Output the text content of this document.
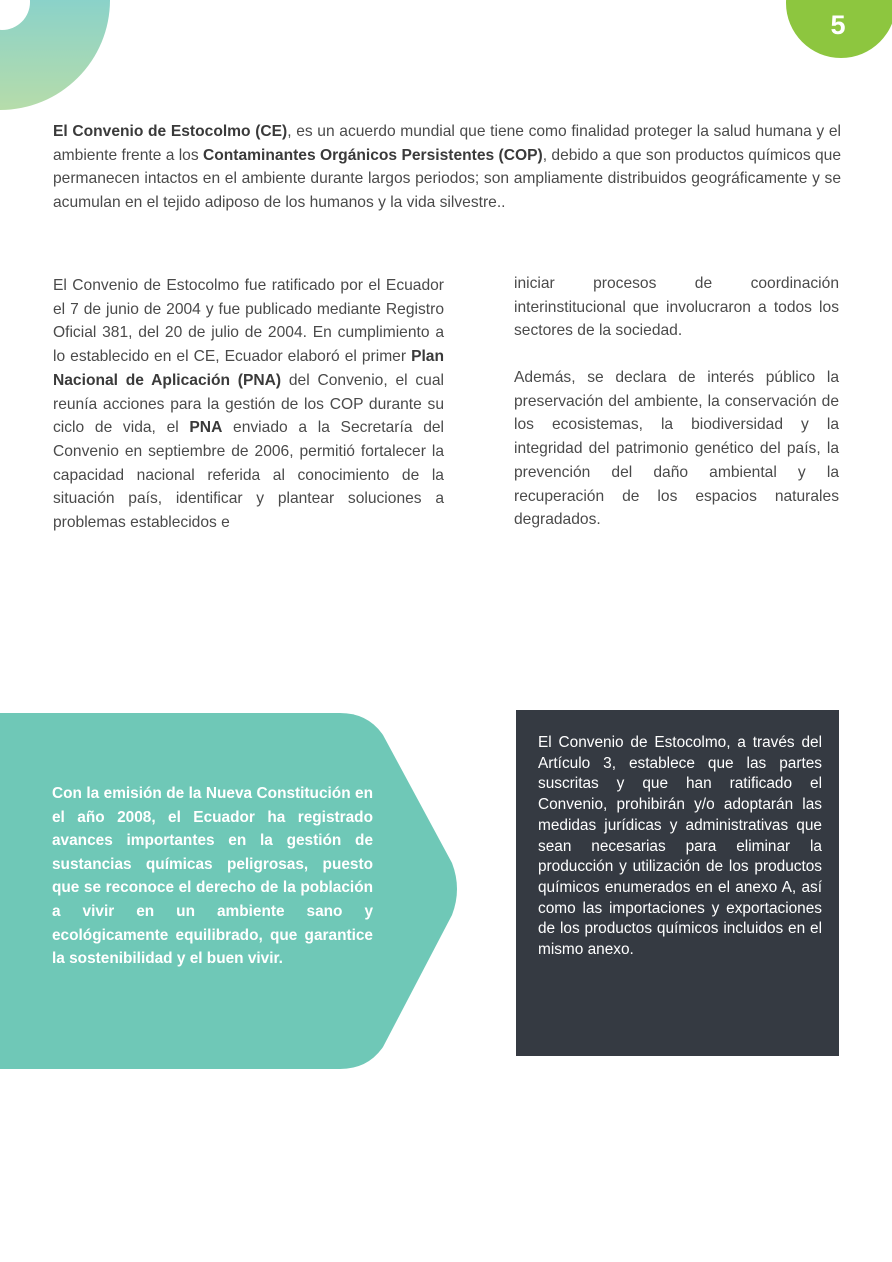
5

El Convenio de Estocolmo (CE), es un acuerdo mundial que tiene como finalidad proteger la salud humana y el ambiente frente a los Contaminantes Orgánicos Persistentes (COP), debido a que son productos químicos que permanecen intactos en el ambiente durante largos periodos; son ampliamente distribuidos geográficamente y se acumulan en el tejido adiposo de los humanos y la vida silvestre..

El Convenio de Estocolmo fue ratificado por el Ecuador el 7 de junio de 2004 y fue publicado mediante Registro Oficial 381, del 20 de julio de 2004. En cumplimiento a lo establecido en el CE, Ecuador elaboró el primer Plan Nacional de Aplicación (PNA) del Convenio, el cual reunía acciones para la gestión de los COP durante su ciclo de vida, el PNA enviado a la Secretaría del Convenio en septiembre de 2006, permitió fortalecer la capacidad nacional referida al conocimiento de la situación país, identificar y plantear soluciones a problemas establecidos e

iniciar procesos de coordinación interinstitucional que involucraron a todos los sectores de la sociedad.

Además, se declara de interés público la preservación del ambiente, la conservación de los ecosistemas, la biodiversidad y la integridad del patrimonio genético del país, la prevención del daño ambiental y la recuperación de los espacios naturales degradados.

Con la emisión de la Nueva Constitución en el año 2008, el Ecuador ha registrado avances importantes en la gestión de sustancias químicas peligrosas, puesto que se reconoce el derecho de la población a vivir en un ambiente sano y ecológicamente equilibrado, que garantice la sostenibilidad y el buen vivir.

El Convenio de Estocolmo, a través del Artículo 3, establece que las partes suscritas y que han ratificado el Convenio, prohibirán y/o adoptarán las medidas jurídicas y administrativas que sean necesarias para eliminar la producción y utilización de los productos químicos enumerados en el anexo A, así como las importaciones y exportaciones de los productos químicos incluidos en el mismo anexo.
